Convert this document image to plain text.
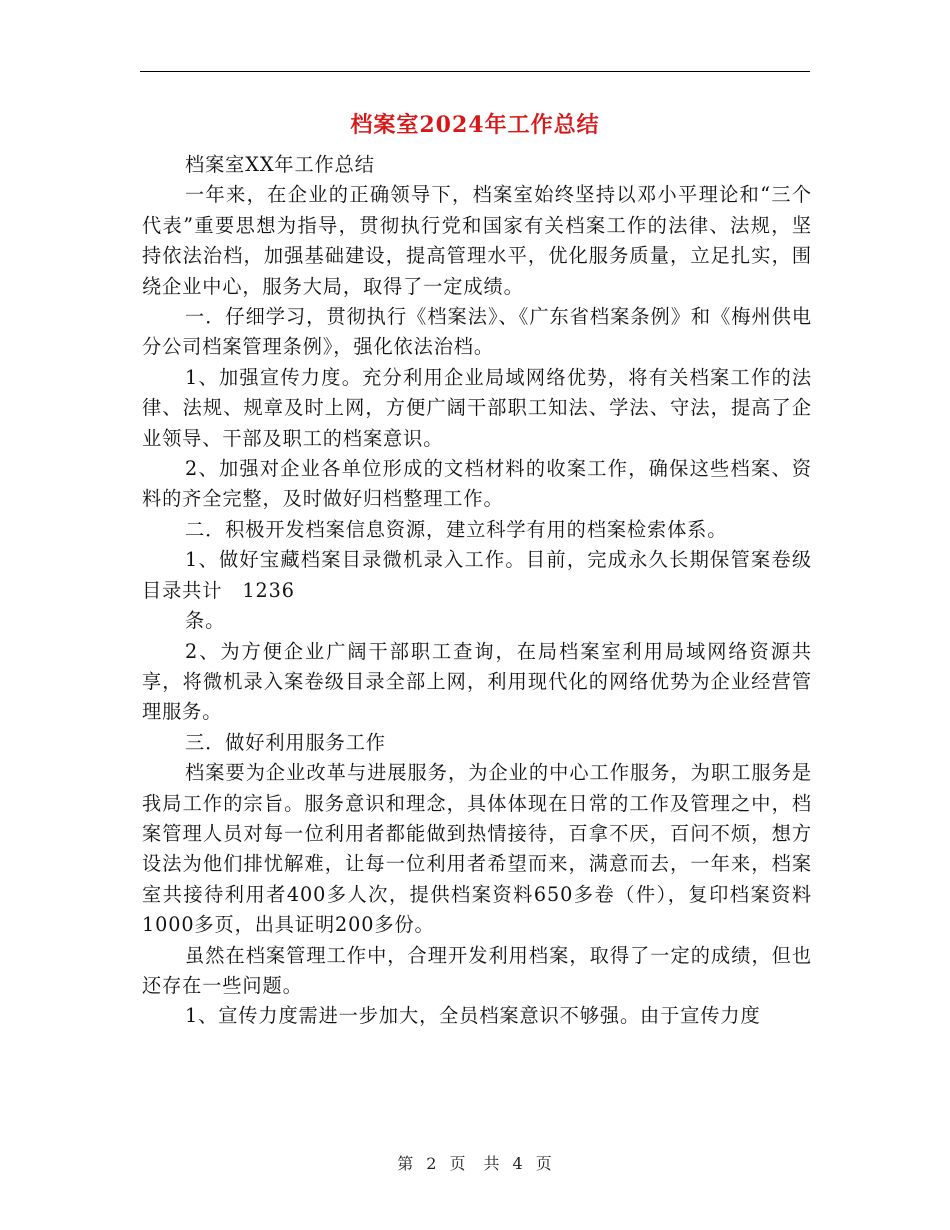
档案室2024年工作总结

档案室XX年工作总结

一年来，在企业的正确领导下，档案室始终坚持以邓小平理论和“三个代表”重要思想为指导，贯彻执行党和国家有关档案工作的法律、法规，坚持依法治档，加强基础建设，提高管理水平，优化服务质量，立足扎实，围绕企业中心，服务大局，取得了一定成绩。

一．仔细学习，贯彻执行《档案法》、《广东省档案条例》和《梅州供电分公司档案管理条例》，强化依法治档。

1、加强宣传力度。充分利用企业局域网络优势，将有关档案工作的法律、法规、规章及时上网，方便广阔干部职工知法、学法、守法，提高了企业领导、干部及职工的档案意识。

2、加强对企业各单位形成的文档材料的收案工作，确保这些档案、资料的齐全完整，及时做好归档整理工作。

二．积极开发档案信息资源，建立科学有用的档案检索体系。

1、做好宝藏档案目录微机录入工作。目前，完成永久长期保管案卷级目录共计　1236

条。

2、为方便企业广阔干部职工查询，在局档案室利用局域网络资源共享，将微机录入案卷级目录全部上网，利用现代化的网络优势为企业经营管理服务。

三．做好利用服务工作

档案要为企业改革与进展服务，为企业的中心工作服务，为职工服务是我局工作的宗旨。服务意识和理念，具体体现在日常的工作及管理之中，档案管理人员对每一位利用者都能做到热情接待，百拿不厌，百问不烦，想方设法为他们排忧解难，让每一位利用者希望而来，满意而去，一年来，档案室共接待利用者400多人次，提供档案资料650多卷（件），复印档案资料1000多页，出具证明200多份。

虽然在档案管理工作中，合理开发利用档案，取得了一定的成绩，但也还存在一些问题。

1、宣传力度需进一步加大，全员档案意识不够强。由于宣传力度

第 2 页　共 4 页
